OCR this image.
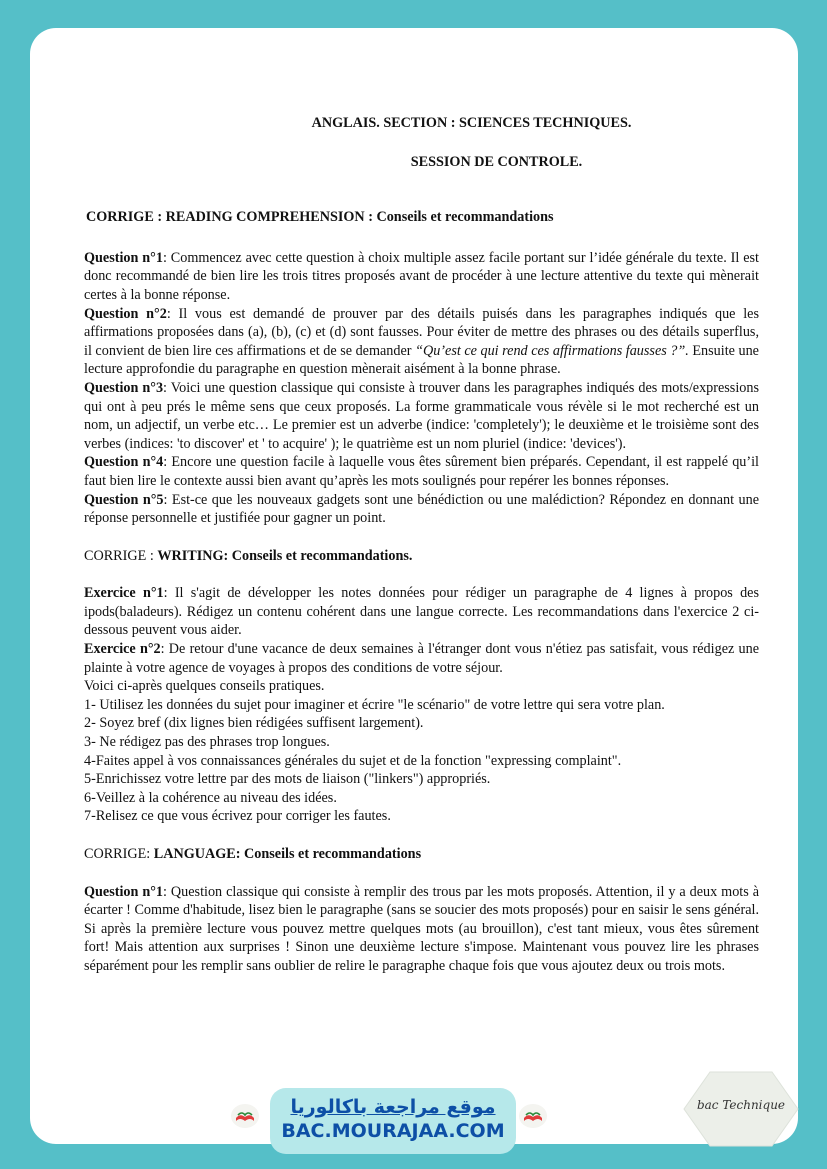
ANGLAIS. SECTION : SCIENCES TECHNIQUES.

SESSION DE CONTROLE.

CORRIGE : READING COMPREHENSION : Conseils et recommandations

Question n°1: Commencez avec cette question à choix multiple assez facile portant sur l’idée générale du texte. Il est donc recommandé de bien lire les trois titres proposés avant de procéder à une lecture attentive du texte qui mènerait certes à la bonne réponse.

Question n°2: Il vous est demandé de prouver par des détails puisés dans les paragraphes indiqués que les affirmations proposées dans (a), (b), (c) et (d) sont fausses. Pour éviter de mettre des phrases ou des détails superflus, il convient de bien lire ces affirmations et de se demander “Qu’est ce qui rend ces affirmations fausses ?”. Ensuite une lecture approfondie du paragraphe en question mènerait aisément à la bonne phrase.

Question n°3: Voici une question classique qui consiste à trouver dans les paragraphes indiqués des mots/expressions qui ont à peu prés le même sens que ceux proposés. La forme grammaticale vous révèle si le mot recherché est un nom, un adjectif, un verbe etc… Le premier est un adverbe (indice: 'completely'); le deuxième et le troisième sont des verbes (indices: 'to discover' et ' to acquire' ); le quatrième est un nom pluriel (indice: 'devices').

Question n°4: Encore une question facile à laquelle vous êtes sûrement bien préparés. Cependant, il est rappelé qu’il faut bien lire le contexte aussi bien avant qu’après les mots soulignés pour repérer les bonnes réponses.

Question n°5: Est-ce que les nouveaux gadgets sont une bénédiction ou une malédiction? Répondez en donnant une réponse personnelle et justifiée pour gagner un point.

CORRIGE : WRITING: Conseils et recommandations.

Exercice n°1: Il s'agit de développer les notes données pour rédiger un paragraphe de 4 lignes à propos des ipods(baladeurs). Rédigez un contenu cohérent dans une langue correcte. Les recommandations dans l'exercice 2 ci-dessous peuvent vous aider.

Exercice n°2: De retour d'une vacance de deux semaines à l'étranger dont vous n'étiez pas satisfait, vous rédigez une plainte à votre agence de voyages à propos des conditions de votre séjour.

Voici ci-après quelques conseils pratiques.

1- Utilisez les données du sujet pour imaginer et écrire "le scénario" de votre lettre qui sera votre plan.

2- Soyez bref (dix lignes bien rédigées suffisent largement).

3- Ne rédigez pas des phrases trop longues.

4-Faites appel à vos connaissances générales du sujet et de la fonction "expressing complaint".

5-Enrichissez votre lettre par des mots de liaison ("linkers") appropriés.

6-Veillez à la cohérence au niveau des idées.

7-Relisez ce que vous écrivez pour corriger les fautes.

CORRIGE: LANGUAGE: Conseils et recommandations

Question n°1: Question classique qui consiste à remplir des trous par les mots proposés. Attention, il y a deux mots à écarter ! Comme d'habitude, lisez bien le paragraphe (sans se soucier des mots proposés) pour en saisir le sens général. Si après la première lecture vous pouvez mettre quelques mots (au brouillon), c'est tant mieux, vous êtes sûrement fort! Mais attention aux surprises ! Sinon une deuxième lecture s'impose. Maintenant vous pouvez lire les phrases séparément pour les remplir sans oublier de relire le paragraphe chaque fois que vous ajoutez deux ou trois mots.

موقع مراجعة باكالوريا
BAC.MOURAJAA.COM
bac Technique
